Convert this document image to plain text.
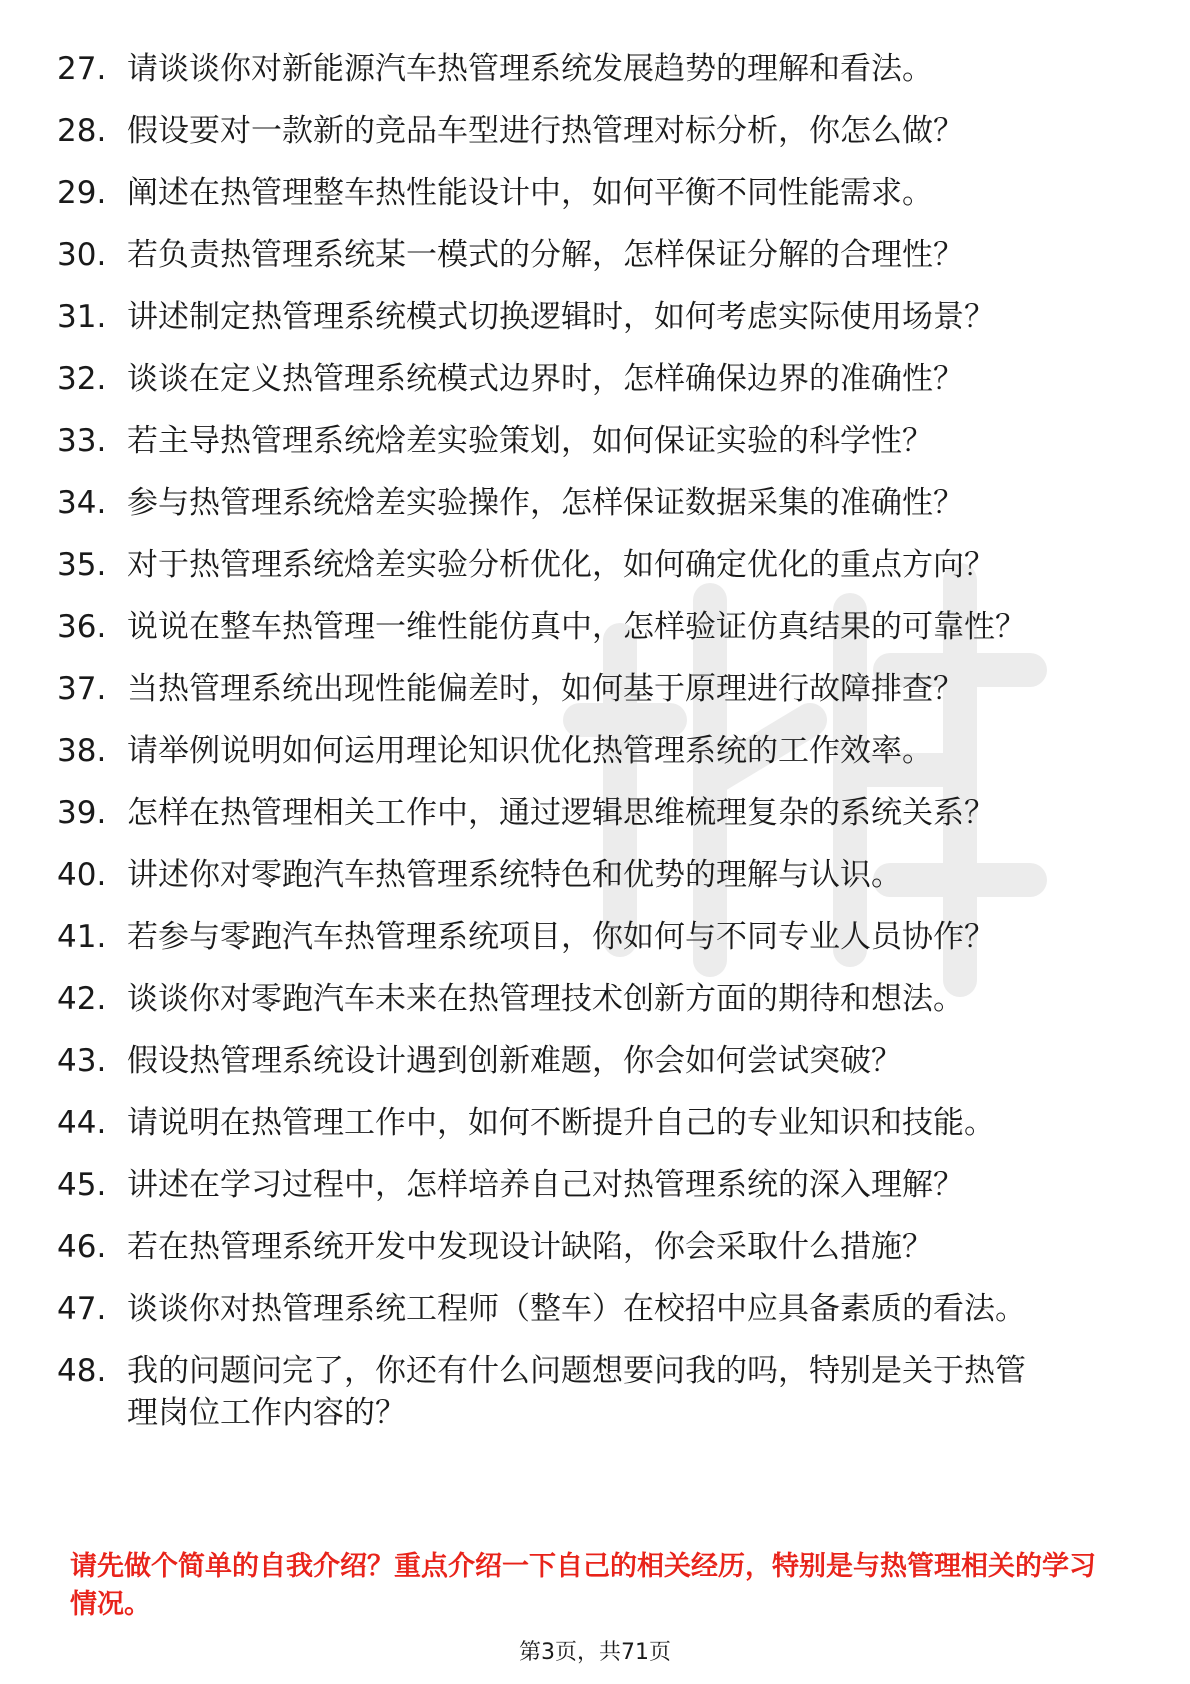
27. 请谈谈你对新能源汽车热管理系统发展趋势的理解和看法。
28. 假设要对一款新的竞品车型进行热管理对标分析，你怎么做？
29. 阐述在热管理整车热性能设计中，如何平衡不同性能需求。
30. 若负责热管理系统某一模式的分解，怎样保证分解的合理性？
31. 讲述制定热管理系统模式切换逻辑时，如何考虑实际使用场景？
32. 谈谈在定义热管理系统模式边界时，怎样确保边界的准确性？
33. 若主导热管理系统焓差实验策划，如何保证实验的科学性？
34. 参与热管理系统焓差实验操作，怎样保证数据采集的准确性？
35. 对于热管理系统焓差实验分析优化，如何确定优化的重点方向？
36. 说说在整车热管理一维性能仿真中，怎样验证仿真结果的可靠性？
37. 当热管理系统出现性能偏差时，如何基于原理进行故障排查？
38. 请举例说明如何运用理论知识优化热管理系统的工作效率。
39. 怎样在热管理相关工作中，通过逻辑思维梳理复杂的系统关系？
40. 讲述你对零跑汽车热管理系统特色和优势的理解与认识。
41. 若参与零跑汽车热管理系统项目，你如何与不同专业人员协作？
42. 谈谈你对零跑汽车未来在热管理技术创新方面的期待和想法。
43. 假设热管理系统设计遇到创新难题，你会如何尝试突破？
44. 请说明在热管理工作中，如何不断提升自己的专业知识和技能。
45. 讲述在学习过程中，怎样培养自己对热管理系统的深入理解？
46. 若在热管理系统开发中发现设计缺陷，你会采取什么措施？
47. 谈谈你对热管理系统工程师（整车）在校招中应具备素质的看法。
48. 我的问题问完了，你还有什么问题想要问我的吗，特别是关于热管理岗位工作内容的？

请先做个简单的自我介绍？重点介绍一下自己的相关经历，特别是与热管理相关的学习情况。

第3页，共71页
